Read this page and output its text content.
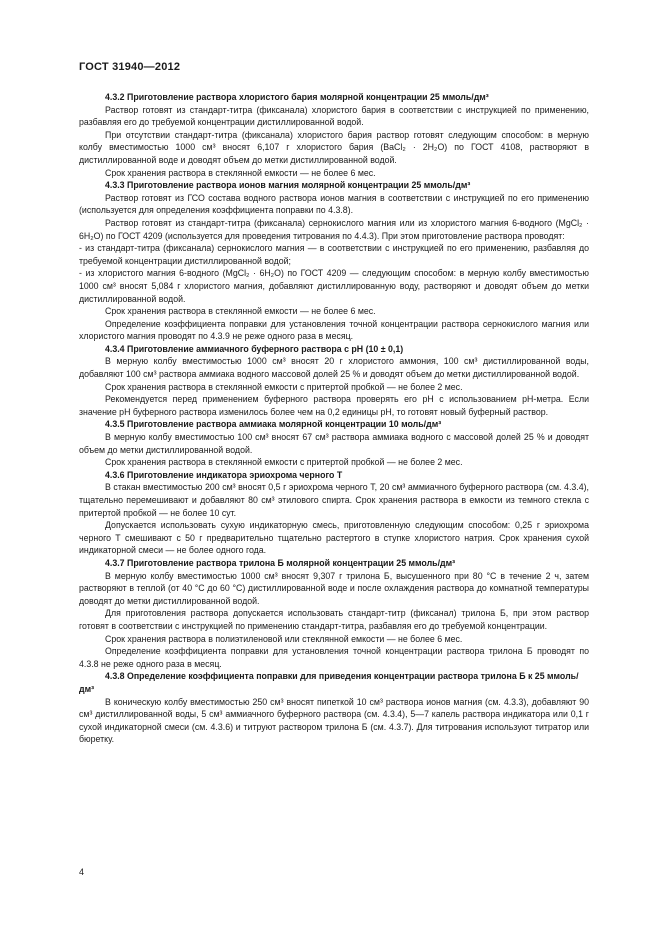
ГОСТ 31940—2012
4.3.2 Приготовление раствора хлористого бария молярной концентрации 25 ммоль/дм³

Раствор готовят из стандарт-титра (фиксанала) хлористого бария в соответствии с инструкцией по применению, разбавляя его до требуемой концентрации дистиллированной водой.

При отсутствии стандарт-титра (фиксанала) хлористого бария раствор готовят следующим способом: в мерную колбу вместимостью 1000 см³ вносят 6,107 г хлористого бария (BaCl₂ · 2H₂O) по ГОСТ 4108, растворяют в дистиллированной воде и доводят объем до метки дистиллированной водой.

Срок хранения раствора в стеклянной емкости — не более 6 мес.

4.3.3 Приготовление раствора ионов магния молярной концентрации 25 ммоль/дм³

Раствор готовят из ГСО состава водного раствора ионов магния в соответствии с инструкцией по его применению (используется для определения коэффициента поправки по 4.3.8).

Раствор готовят из стандарт-титра (фиксанала) сернокислого магния или из хлористого магния 6-водного (MgCl₂ · 6H₂O) по ГОСТ 4209 (используется для проведения титрования по 4.4.3). При этом приготовление раствора проводят:

- из стандарт-титра (фиксанала) сернокислого магния — в соответствии с инструкцией по его применению, разбавляя до требуемой концентрации дистиллированной водой;

- из хлористого магния 6-водного (MgCl₂ · 6H₂O) по ГОСТ 4209 — следующим способом: в мерную колбу вместимостью 1000 см³ вносят 5,084 г хлористого магния, добавляют дистиллированную воду, растворяют и доводят объем до метки дистиллированной водой.

Срок хранения раствора в стеклянной емкости — не более 6 мес.

Определение коэффициента поправки для установления точной концентрации раствора сернокислого магния или хлористого магния проводят по 4.3.9 не реже одного раза в месяц.

4.3.4 Приготовление аммиачного буферного раствора с pH (10 ± 0,1)

В мерную колбу вместимостью 1000 см³ вносят 20 г хлористого аммония, 100 см³ дистиллированной воды, добавляют 100 см³ раствора аммиака водного массовой долей 25 % и доводят объем до метки дистиллированной водой.

Срок хранения раствора в стеклянной емкости с притертой пробкой — не более 2 мес.

Рекомендуется перед применением буферного раствора проверять его pH с использованием pH-метра. Если значение pH буферного раствора изменилось более чем на 0,2 единицы pH, то готовят новый буферный раствор.

4.3.5 Приготовление раствора аммиака молярной концентрации 10 моль/дм³

В мерную колбу вместимостью 100 см³ вносят 67 см³ раствора аммиака водного с массовой долей 25 % и доводят объем до метки дистиллированной водой.

Срок хранения раствора в стеклянной емкости с притертой пробкой — не более 2 мес.

4.3.6 Приготовление индикатора эриохрома черного Т

В стакан вместимостью 200 см³ вносят 0,5 г эриохрома черного Т, 20 см³ аммиачного буферного раствора (см. 4.3.4), тщательно перемешивают и добавляют 80 см³ этилового спирта. Срок хранения раствора в емкости из темного стекла с притертой пробкой — не более 10 сут.

Допускается использовать сухую индикаторную смесь, приготовленную следующим способом: 0,25 г эриохрома черного Т смешивают с 50 г предварительно тщательно растертого в ступке хлористого натрия. Срок хранения сухой индикаторной смеси — не более одного года.

4.3.7 Приготовление раствора трилона Б молярной концентрации 25 ммоль/дм³

В мерную колбу вместимостью 1000 см³ вносят 9,307 г трилона Б, высушенного при 80 °С в течение 2 ч, затем растворяют в теплой (от 40 °С до 60 °С) дистиллированной воде и после охлаждения раствора до комнатной температуры доводят до метки дистиллированной водой.

Для приготовления раствора допускается использовать стандарт-титр (фиксанал) трилона Б, при этом раствор готовят в соответствии с инструкцией по применению стандарт-титра, разбавляя его до требуемой концентрации.

Срок хранения раствора в полиэтиленовой или стеклянной емкости — не более 6 мес.

Определение коэффициента поправки для установления точной концентрации раствора трилона Б проводят по 4.3.8 не реже одного раза в месяц.

4.3.8 Определение коэффициента поправки для приведения концентрации раствора трилона Б к 25 ммоль/дм³

В коническую колбу вместимостью 250 см³ вносят пипеткой 10 см³ раствора ионов магния (см. 4.3.3), добавляют 90 см³ дистиллированной воды, 5 см³ аммиачного буферного раствора (см. 4.3.4), 5—7 капель раствора индикатора или 0,1 г сухой индикаторной смеси (см. 4.3.6) и титруют раствором трилона Б (см. 4.3.7). Для титрования используют титратор или бюретку.

4
